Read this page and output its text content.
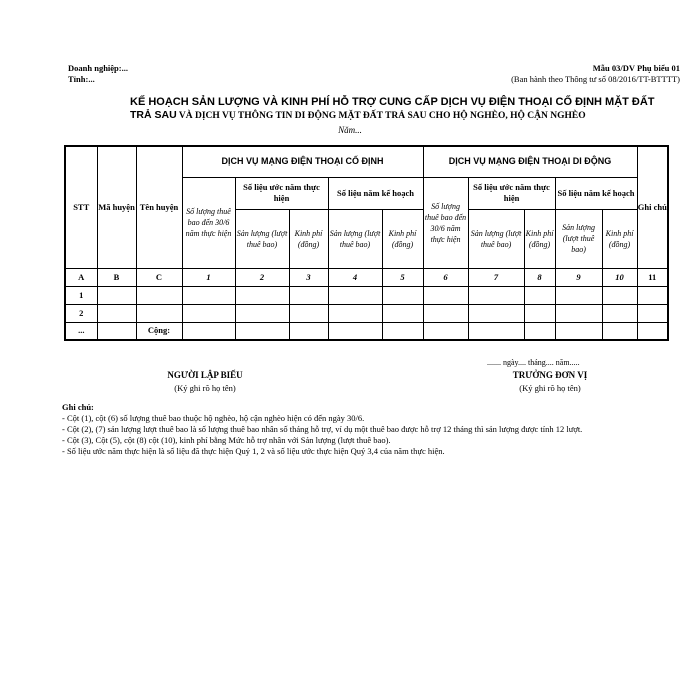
Doanh nghiệp:...
Tỉnh:...
Mẫu 03/DV Phụ biểu 01
(Ban hành theo Thông tư số 08/2016/TT-BTTTT)
KẾ HOẠCH SẢN LƯỢNG VÀ KINH PHÍ HỖ TRỢ CUNG CẤP DỊCH VỤ ĐIỆN THOẠI CỐ ĐỊNH MẶT ĐẤT
TRẢ SAU VÀ DỊCH VỤ THÔNG TIN DI ĐỘNG MẶT ĐẤT TRẢ SAU CHO HỘ NGHÈO, HỘ CẬN NGHÈO
Năm...
STT	Mã huyện	Tên huyện	DỊCH VỤ MẠNG ĐIỆN THOẠI CỐ ĐỊNH					DỊCH VỤ MẠNG ĐIỆN THOẠI DI ĐỘNG					Ghi chú
			Số lượng thuê bao đến 30/6 năm thực hiện	Số liệu ước năm thực hiện		Số liệu năm kế hoạch		Số lượng thuê bao đến 30/6 năm thực hiện	Số liệu ước năm thực hiện		Số liệu năm kế hoạch		
				Sản lượng (lượt thuê bao)	Kinh phí (đồng)	Sản lượng (lượt thuê bao)	Kinh phí (đồng)		Sản lượng (lượt thuê bao)	Kinh phí (đồng)	Sản lượng (lượt thuê bao)	Kinh phí (đồng)	
A	B	C	1	2	3	4	5	6	7	8	9	10	11
1													
2													
...		Cộng:											
....... ngày.... tháng.... năm.....
NGƯỜI LẬP BIỂU
(Ký ghi rõ họ tên)
TRƯỞNG ĐƠN VỊ
(Ký ghi rõ họ tên)
Ghi chú:
- Cột (1), cột (6) số lượng thuê bao thuộc hộ nghèo, hộ cận nghèo hiện có đến ngày 30/6.
- Cột (2), (7) sản lượng lượt thuê bao là số lượng thuê bao nhân số tháng hỗ trợ, ví dụ một thuê bao được hỗ trợ 12 tháng thì sản lượng được tính 12 lượt.
- Cột (3), Cột (5), cột (8) cột (10), kinh phí bằng Mức hỗ trợ nhân với Sản lượng (lượt thuê bao).
- Số liệu ước năm thực hiện là số liệu đã thực hiện Quý 1, 2 và số liệu ước thực hiện Quý 3,4 của năm thực hiện.
